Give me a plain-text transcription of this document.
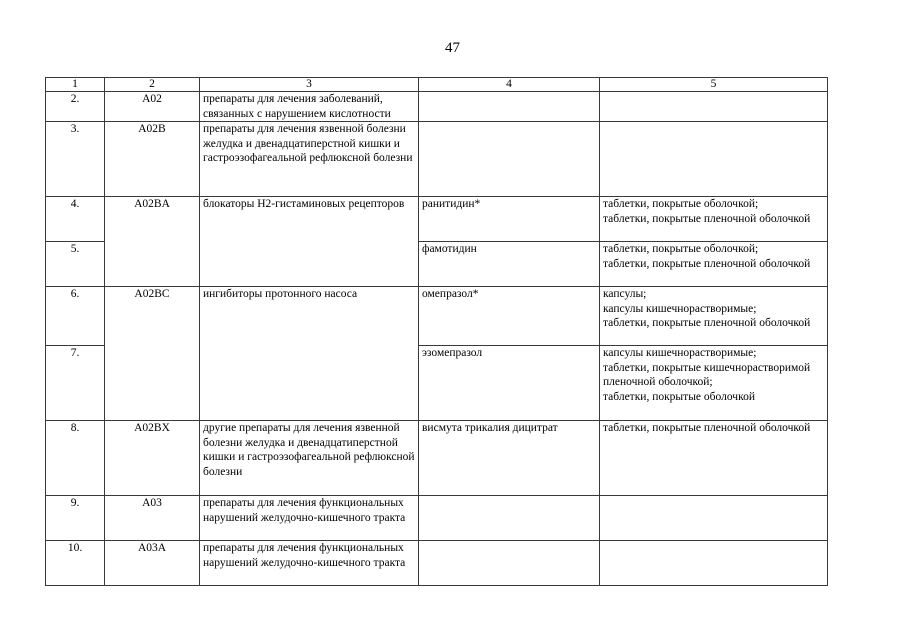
47
1	2	3	4	5
2.	A02	препараты для лечения заболеваний, связанных с нарушением кислотности		
3.	A02B	препараты для лечения язвенной болезни желудка и двенадцатиперстной кишки и гастроэзофагеальной рефлюксной болезни		
4.	A02BA	блокаторы Н2-гистаминовых рецепторов	ранитидин*	таблетки, покрытые оболочкой;
таблетки, покрытые пленочной оболочкой

5.			фамотидин	таблетки, покрытые оболочкой;
таблетки, покрытые пленочной оболочкой

6.	A02BC	ингибиторы протонного насоса	омепразол*	капсулы;
капсулы кишечнорастворимые;
таблетки, покрытые пленочной оболочкой

7.			эзомепразол	капсулы кишечнорастворимые;
таблетки, покрытые кишечнорастворимой пленочной оболочкой;
таблетки, покрытые оболочкой

8.	A02BX	другие препараты для лечения язвенной болезни желудка и двенадцатиперстной кишки и гастроэзофагеальной рефлюксной болезни	висмута трикалия дицитрат	таблетки, покрытые пленочной оболочкой

9.	A03	препараты для лечения функциональных нарушений желудочно-кишечного тракта		
10.	A03A	препараты для лечения функциональных нарушений желудочно-кишечного тракта		
